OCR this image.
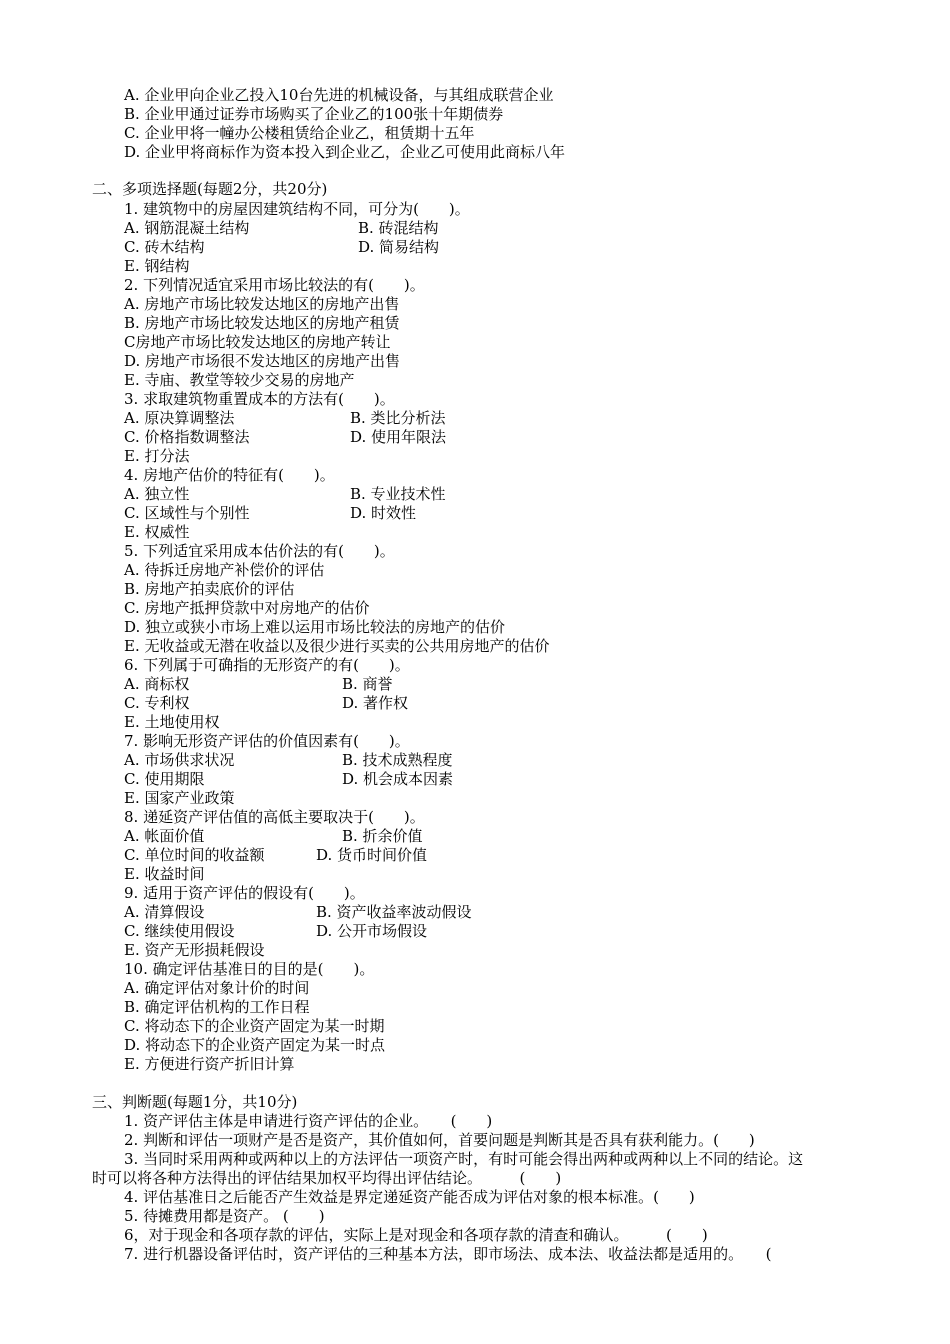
A. 企业甲向企业乙投入10台先进的机械设备，与其组成联营企业
B. 企业甲通过证券市场购买了企业乙的100张十年期债券
C. 企业甲将一幢办公楼租赁给企业乙，租赁期十五年
D. 企业甲将商标作为资本投入到企业乙，企业乙可使用此商标八年
二、多项选择题(每题2分，共20分)
1. 建筑物中的房屋因建筑结构不同，可分为(　　)。
A. 钢筋混凝土结构	B. 砖混结构
C. 砖木结构	D. 简易结构
E. 钢结构
2. 下列情况适宜采用市场比较法的有(　　)。
A. 房地产市场比较发达地区的房地产出售
B. 房地产市场比较发达地区的房地产租赁
C房地产市场比较发达地区的房地产转让
D. 房地产市场很不发达地区的房地产出售
E. 寺庙、教堂等较少交易的房地产
3. 求取建筑物重置成本的方法有(　　)。
A. 原决算调整法	B. 类比分析法
C. 价格指数调整法	D. 使用年限法
E. 打分法
4. 房地产估价的特征有(　　)。
A. 独立性	B. 专业技术性
C. 区域性与个别性	D. 时效性
E. 权威性
5. 下列适宜采用成本估价法的有(　　)。
A. 待拆迁房地产补偿价的评估
B. 房地产拍卖底价的评估
C. 房地产抵押贷款中对房地产的估价
D. 独立或狭小市场上难以运用市场比较法的房地产的估价
E. 无收益或无潜在收益以及很少进行买卖的公共用房地产的估价
6. 下列属于可确指的无形资产的有(　　)。
A. 商标权	B. 商誉
C. 专利权	D. 著作权
E. 土地使用权
7. 影响无形资产评估的价值因素有(　　)。
A. 市场供求状况	B. 技术成熟程度
C. 使用期限	D. 机会成本因素
E. 国家产业政策
8. 递延资产评估值的高低主要取决于(　　)。
A. 帐面价值	B. 折余价值
C. 单位时间的收益额	D. 货币时间价值
E. 收益时间
9. 适用于资产评估的假设有(　　)。
A. 清算假设	B. 资产收益率波动假设
C. 继续使用假设	D. 公开市场假设
E. 资产无形损耗假设
10. 确定评估基准日的目的是(　　)。
A. 确定评估对象计价的时间
B. 确定评估机构的工作日程
C. 将动态下的企业资产固定为某一时期
D. 将动态下的企业资产固定为某一时点
E. 方便进行资产折旧计算
三、判断题(每题1分，共10分)
1. 资产评估主体是申请进行资产评估的企业。　　(　　)
2. 判断和评估一项财产是否是资产，其价值如何，首要问题是判断其是否具有获利能力。(　　)
3. 当同时采用两种或两种以上的方法评估一项资产时，有时可能会得出两种或两种以上不同的结论。这
时可以将各种方法得出的评估结果加权平均得出评估结论。　　　(　　)
4. 评估基准日之后能否产生效益是界定递延资产能否成为评估对象的根本标准。(　　)
5. 待摊费用都是资产。 (　　)
6，对于现金和各项存款的评估，实际上是对现金和各项存款的清查和确认。　　　(　　)
7. 进行机器设备评估时，资产评估的三种基本方法，即市场法、成本法、收益法都是适用的。　　(
